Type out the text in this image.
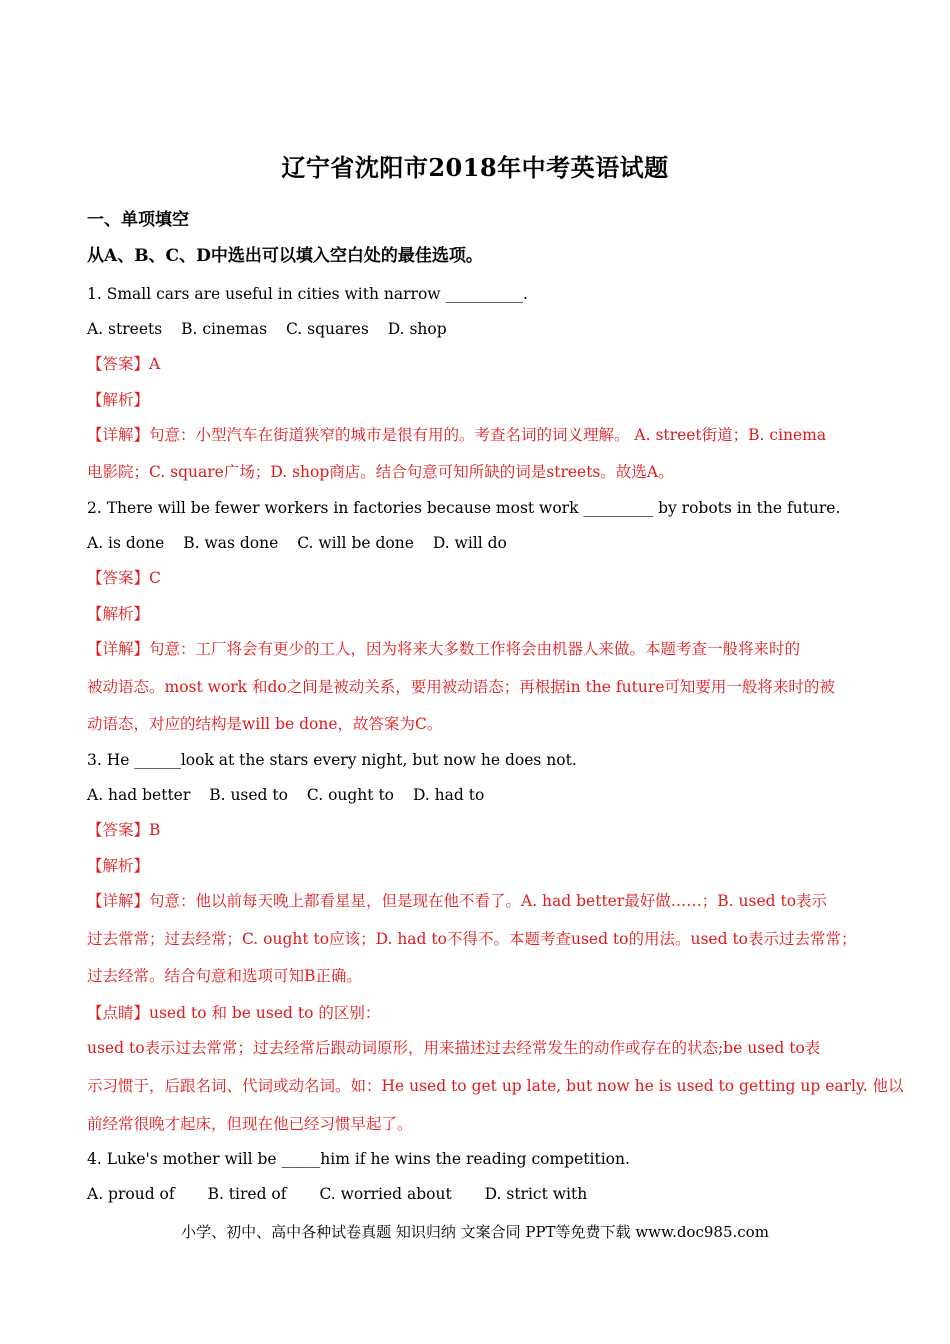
辽宁省沈阳市2018年中考英语试题
一、单项填空
从A、B、C、D中选出可以填入空白处的最佳选项。
1. Small cars are useful in cities with narrow __________.
A. streets B. cinemas C. squares D. shop
【答案】A
【解析】
【详解】句意：小型汽车在街道狭窄的城市是很有用的。考查名词的词义理解。 A. street街道；B. cinema
电影院；C. square广场；D. shop商店。结合句意可知所缺的词是streets。故选A。
2. There will be fewer workers in factories because most work _________ by robots in the future.
A. is done B. was done C. will be done D. will do
【答案】C
【解析】
【详解】句意：工厂将会有更少的工人，因为将来大多数工作将会由机器人来做。本题考查一般将来时的
被动语态。most work 和do之间是被动关系，要用被动语态；再根据in the future可知要用一般将来时的被
动语态，对应的结构是will be done，故答案为C。
3. He ______look at the stars every night, but now he does not.
A. had better B. used to C. ought to D. had to
【答案】B
【解析】
【详解】句意：他以前每天晚上都看星星，但是现在他不看了。A. had better最好做……；B. used to表示
过去常常；过去经常；C. ought to应该；D. had to不得不。本题考查used to的用法。used to表示过去常常；
过去经常。结合句意和选项可知B正确。
【点睛】used to 和 be used to 的区别：
used to表示过去常常；过去经常后跟动词原形，用来描述过去经常发生的动作或存在的状态;be used to表
示习惯于，后跟名词、代词或动名词。如：He used to get up late, but now he is used to getting up early. 他以
前经常很晚才起床，但现在他已经习惯早起了。
4. Luke's mother will be _____him if he wins the reading competition.
A. proud of B. tired of C. worried about D. strict with
小学、初中、高中各种试卷真题 知识归纳 文案合同 PPT等免费下载 www.doc985.com
